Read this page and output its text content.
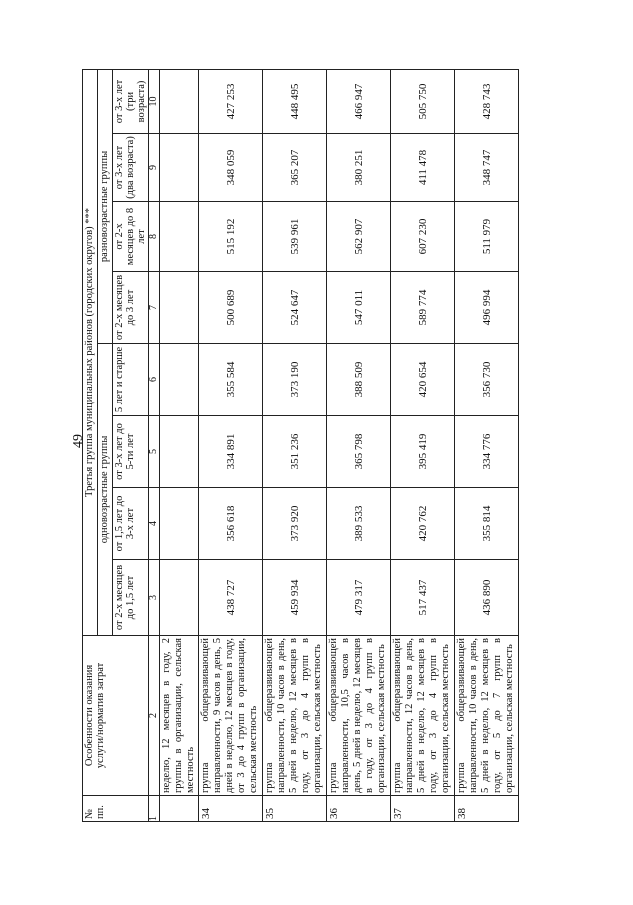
49
№
пп.	Особенности оказания
услуги/норматив затрат	Третья группа муниципальных районов (городских округов) ***							
		одновозрастные группы				разновозрастные группы			
		от 2-х месяцев до 1,5 лет	от 1,5 лет до 3-х лет	от 3-х лет до 5-ти лет	5 лет и старше	от 2-х месяцев до 3 лет	от 2-х месяцев до 8 лет	от 3-х лет (два возраста)	от 3-х лет (три возраста)
1	2	3	4	5	6	7	8	9	10
	неделю, 12 месяцев в году, 2 группы в организации, сельская местность								
34	группа общеразвивающей направленности, 9 часов в день, 5 дней в неделю, 12 месяцев в году, от 3 до 4 групп в организации, сельская местность	438 727	356 618	334 891	355 584	500 689	515 192	348 059	427 253
35	группа общеразвивающей направленности, 10 часов в день, 5 дней в неделю, 12 месяцев в году, от 3 до 4 групп в организации, сельская местность	459 934	373 920	351 236	373 190	524 647	539 961	365 207	448 495
36	группа общеразвивающей направленности, 10,5 часов в день, 5 дней в неделю, 12 месяцев в году, от 3 до 4 групп в организации, сельская местность	479 317	389 533	365 798	388 509	547 011	562 907	380 251	466 947
37	группа общеразвивающей направленности, 12 часов в день, 5 дней в неделю, 12 месяцев в году, от 3 до 4 групп в организации, сельская местность	517 437	420 762	395 419	420 654	589 774	607 230	411 478	505 750
38	группа общеразвивающей направленности, 10 часов в день, 5 дней в неделю, 12 месяцев в году, от 5 до 7 групп в организации, сельская местность	436 890	355 814	334 776	356 730	496 994	511 979	348 747	428 743
